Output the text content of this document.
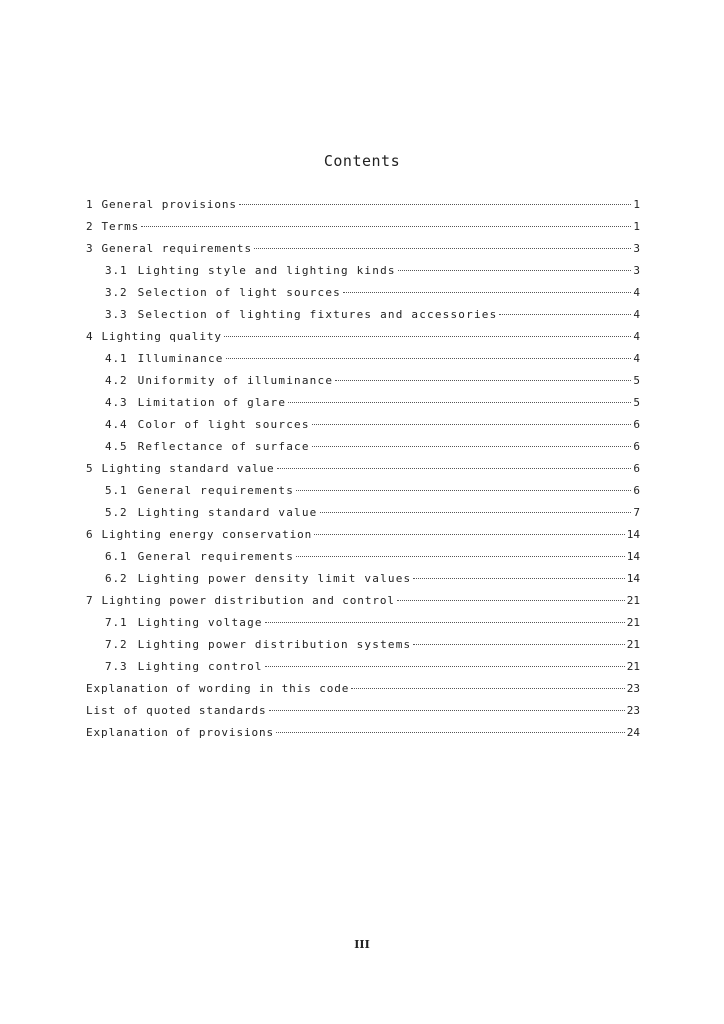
Contents
1 General provisions	1
2 Terms	1
3 General requirements	3
3.1 Lighting style and lighting kinds	3
3.2 Selection of light sources	4
3.3 Selection of lighting fixtures and accessories	4
4 Lighting quality	4
4.1 Illuminance	4
4.2 Uniformity of illuminance	5
4.3 Limitation of glare	5
4.4 Color of light sources	6
4.5 Reflectance of surface	6
5 Lighting standard value	6
5.1 General requirements	6
5.2 Lighting standard value	7
6 Lighting energy conservation	14
6.1 General requirements	14
6.2 Lighting power density limit values	14
7 Lighting power distribution and control	21
7.1 Lighting voltage	21
7.2 Lighting power distribution systems	21
7.3 Lighting control	21
Explanation of wording in this code	23
List of quoted standards	23
Explanation of provisions	24
III
